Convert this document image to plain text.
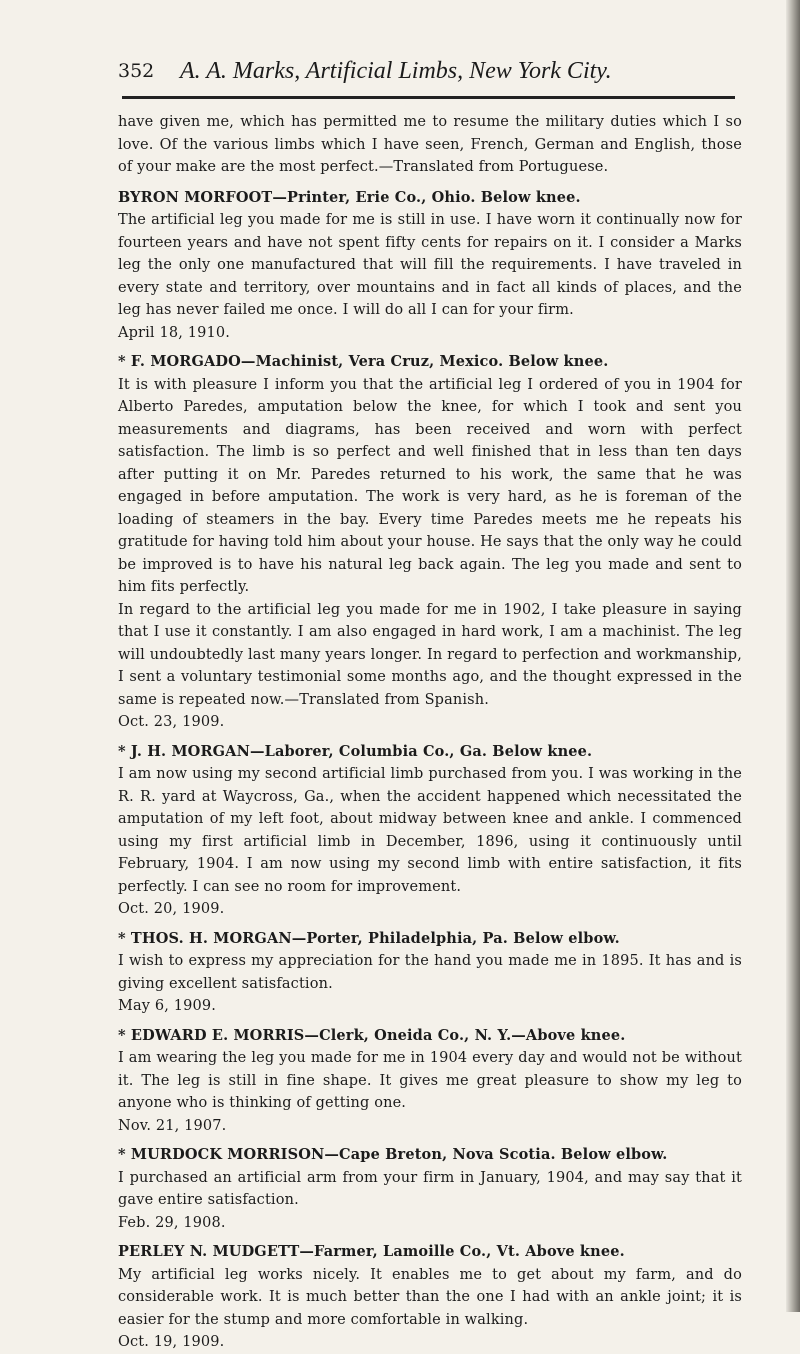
352 A. A. Marks, Artificial Limbs, New York City.

have given me, which has permitted me to resume the military duties which I so love. Of the various limbs which I have seen, French, German and English, those of your make are the most perfect.—Translated from Portuguese.

BYRON MORFOOT—Printer, Erie Co., Ohio. Below knee.

The artificial leg you made for me is still in use. I have worn it continually now for fourteen years and have not spent fifty cents for repairs on it. I consider a Marks leg the only one manufactured that will fill the requirements. I have traveled in every state and territory, over mountains and in fact all kinds of places, and the leg has never failed me once. I will do all I can for your firm.

April 18, 1910.

* F. MORGADO—Machinist, Vera Cruz, Mexico. Below knee.

It is with pleasure I inform you that the artificial leg I ordered of you in 1904 for Alberto Paredes, amputation below the knee, for which I took and sent you measurements and diagrams, has been received and worn with perfect satisfaction. The limb is so perfect and well finished that in less than ten days after putting it on Mr. Paredes returned to his work, the same that he was engaged in before amputation. The work is very hard, as he is foreman of the loading of steamers in the bay. Every time Paredes meets me he repeats his gratitude for having told him about your house. He says that the only way he could be improved is to have his natural leg back again. The leg you made and sent to him fits perfectly.

In regard to the artificial leg you made for me in 1902, I take pleasure in saying that I use it constantly. I am also engaged in hard work, I am a machinist. The leg will undoubtedly last many years longer. In regard to perfection and workmanship, I sent a voluntary testimonial some months ago, and the thought expressed in the same is repeated now.—Translated from Spanish.

Oct. 23, 1909.

* J. H. MORGAN—Laborer, Columbia Co., Ga. Below knee.

I am now using my second artificial limb purchased from you. I was working in the R. R. yard at Waycross, Ga., when the accident happened which necessitated the amputation of my left foot, about midway between knee and ankle. I commenced using my first artificial limb in December, 1896, using it continuously until February, 1904. I am now using my second limb with entire satisfaction, it fits perfectly. I can see no room for improvement.

Oct. 20, 1909.

* THOS. H. MORGAN—Porter, Philadelphia, Pa. Below elbow.

I wish to express my appreciation for the hand you made me in 1895. It has and is giving excellent satisfaction.

May 6, 1909.

* EDWARD E. MORRIS—Clerk, Oneida Co., N. Y.—Above knee.

I am wearing the leg you made for me in 1904 every day and would not be without it. The leg is still in fine shape. It gives me great pleasure to show my leg to anyone who is thinking of getting one.

Nov. 21, 1907.

* MURDOCK MORRISON—Cape Breton, Nova Scotia. Below elbow.

I purchased an artificial arm from your firm in January, 1904, and may say that it gave entire satisfaction.

Feb. 29, 1908.

PERLEY N. MUDGETT—Farmer, Lamoille Co., Vt. Above knee.

My artificial leg works nicely. It enables me to get about my farm, and do considerable work. It is much better than the one I had with an ankle joint; it is easier for the stump and more comfortable in walking.

Oct. 19, 1909.
